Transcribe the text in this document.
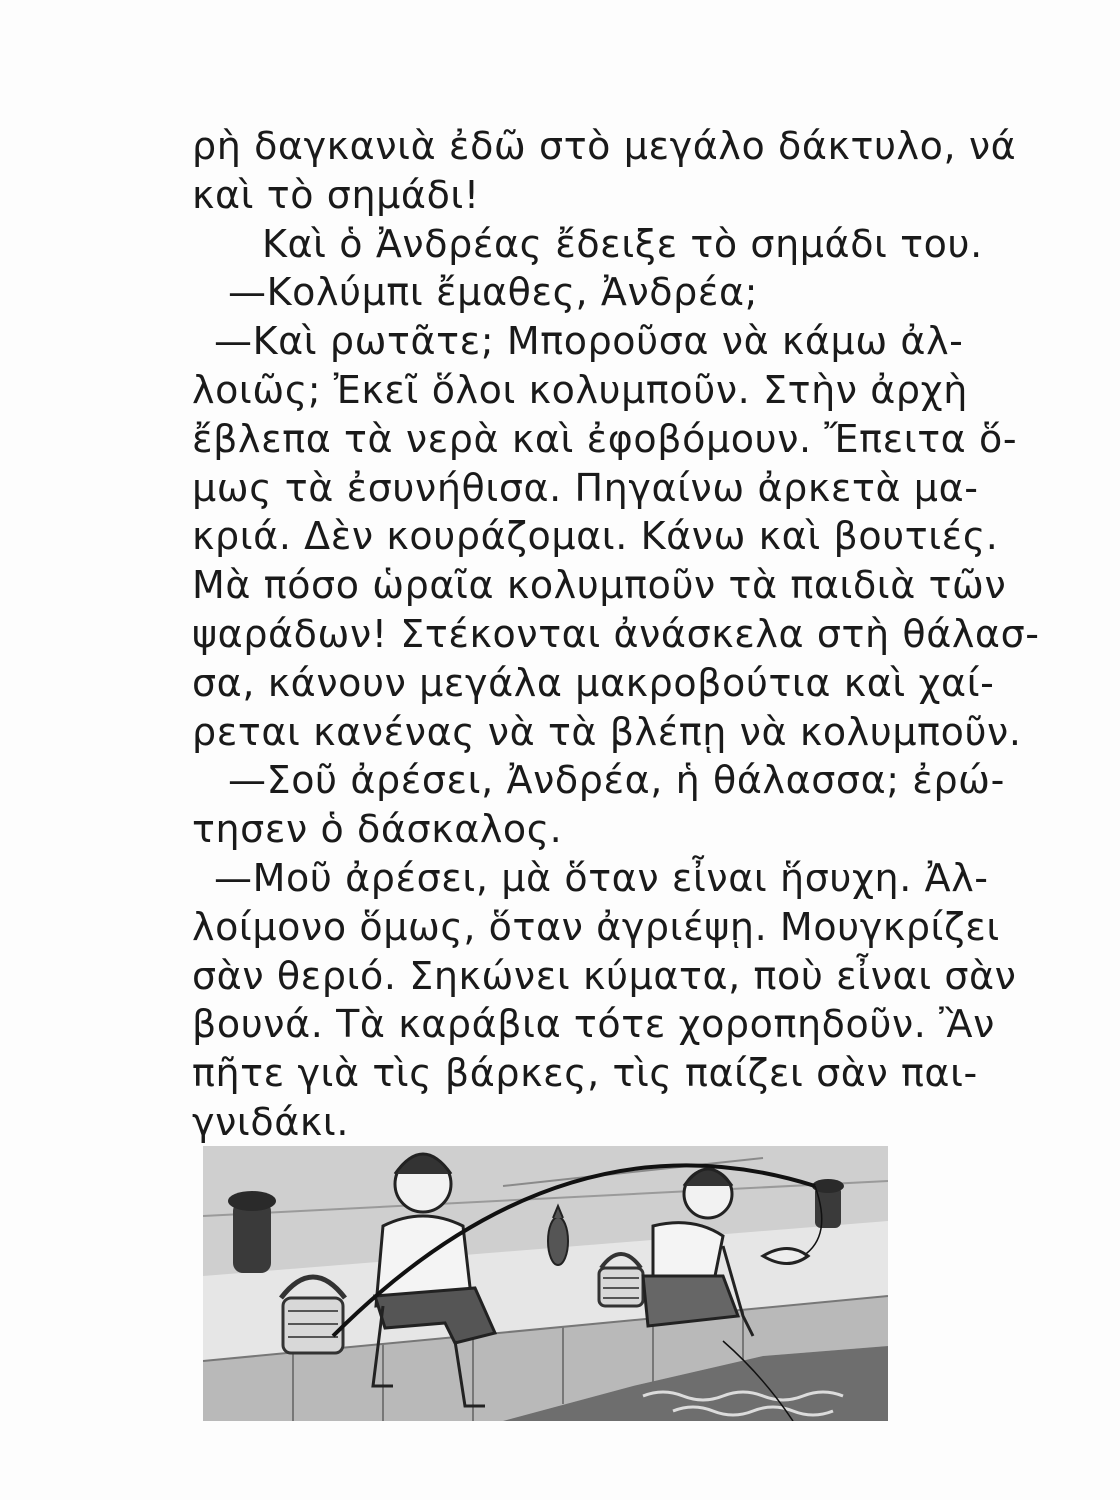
ρὴ δαγκανιὰ ἐδῶ στὸ μεγάλο δάκτυλο, νά
καὶ τὸ σημάδι!
Καὶ ὁ Ἀνδρέας ἔδειξε τὸ σημάδι του.
—Κολύμπι ἔμαθες, Ἀνδρέα;
—Καὶ ρωτᾶτε; Μποροῦσα νὰ κάμω ἀλ-
λοιῶς; Ἐκεῖ ὅλοι κολυμποῦν. Στὴν ἀρχὴ
ἔβλεπα τὰ νερὰ καὶ ἐφοβόμουν. Ἔπειτα ὅ-
μως τὰ ἐσυνήθισα. Πηγαίνω ἀρκετὰ μα-
κριά. Δὲν κουράζομαι. Κάνω καὶ βουτιές.
Μὰ πόσο ὡραῖα κολυμποῦν τὰ παιδιὰ τῶν
ψαράδων! Στέκονται ἀνάσκελα στὴ θάλασ-
σα, κάνουν μεγάλα μακροβούτια καὶ χαί-
ρεται κανένας νὰ τὰ βλέπῃ νὰ κολυμποῦν.
—Σοῦ ἀρέσει, Ἀνδρέα, ἡ θάλασσα; ἐρώ-
τησεν ὁ δάσκαλος.
—Μοῦ ἀρέσει, μὰ ὅταν εἶναι ἥσυχη. Ἀλ-
λοίμονο ὅμως, ὅταν ἀγριέψῃ. Μουγκρίζει
σὰν θεριό. Σηκώνει κύματα, ποὺ εἶναι σὰν
βουνά. Τὰ καράβια τότε χοροπηδοῦν. Ἂν
πῆτε γιὰ τὶς βάρκες, τὶς παίζει σὰν παι-
γνιδάκι.
